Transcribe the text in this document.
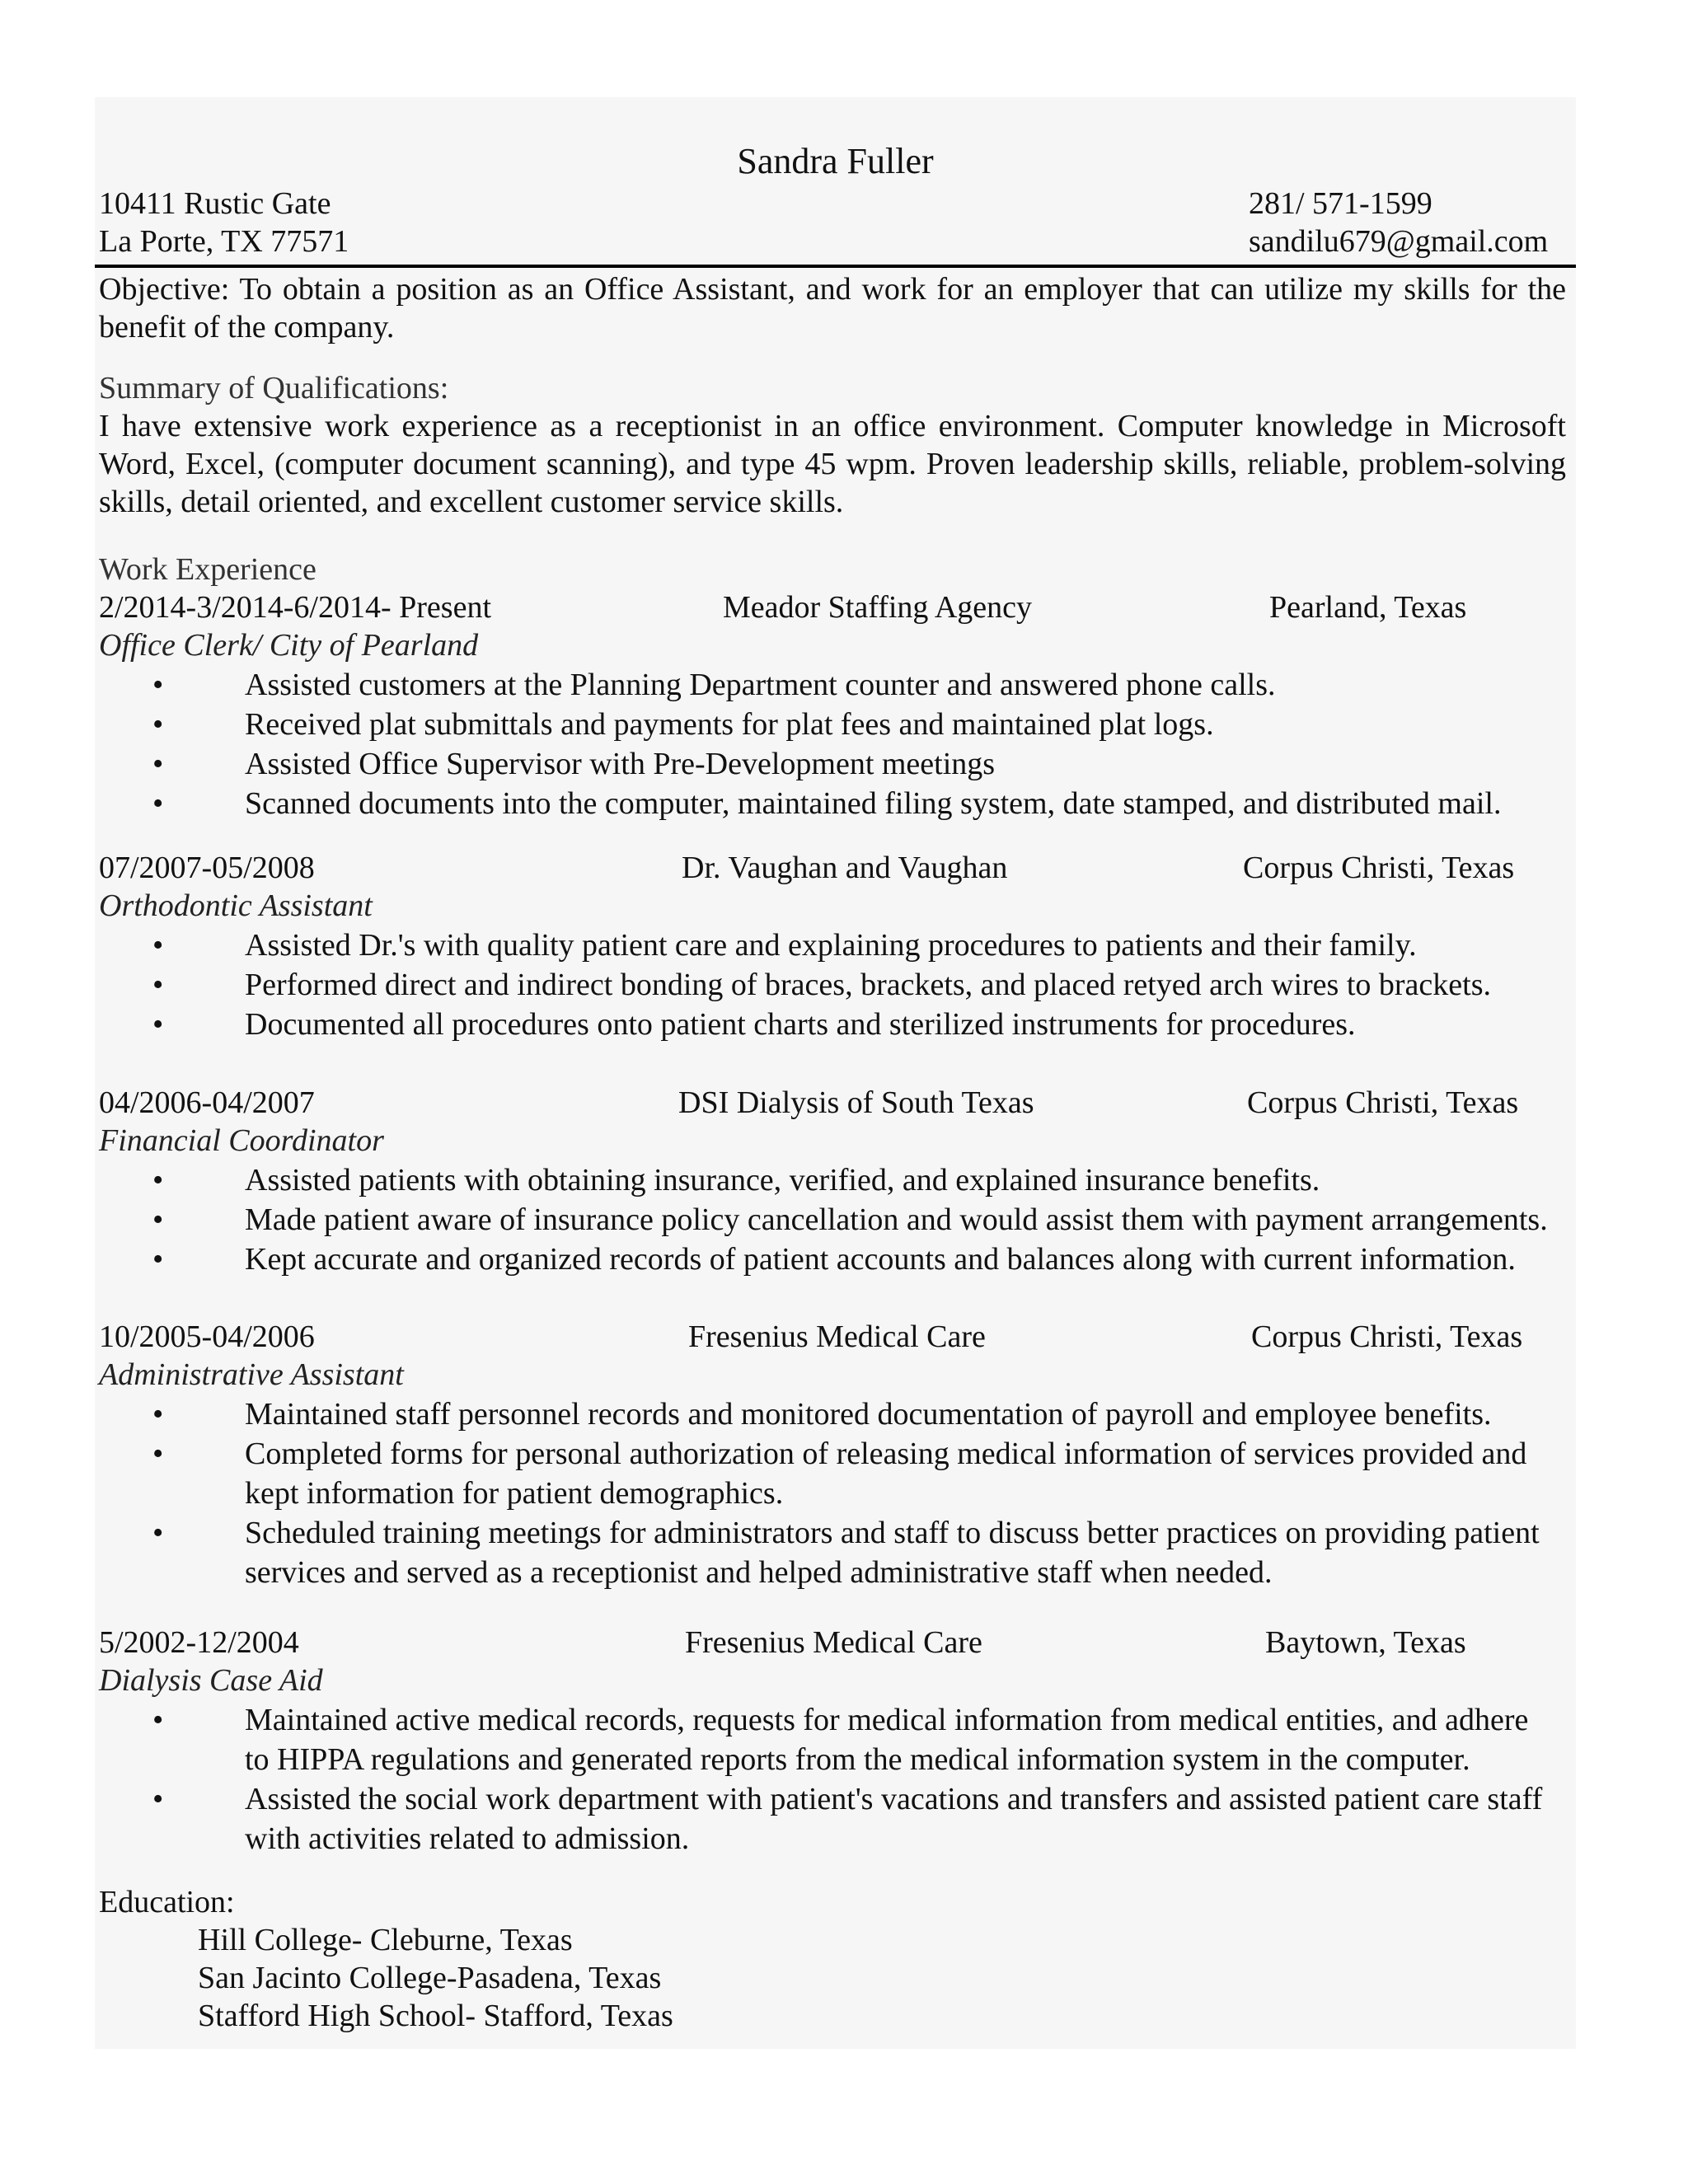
Sandra Fuller
10411 Rustic Gate
La Porte, TX 77571
281/ 571-1599
sandilu679@gmail.com
Objective: To obtain a position as an Office Assistant, and work for an employer that can utilize my skills for the benefit of the company.
Summary of Qualifications:
I have extensive work experience as a receptionist in an office environment. Computer knowledge in Microsoft Word, Excel, (computer document scanning), and type 45 wpm. Proven leadership skills, reliable, problem-solving skills, detail oriented, and excellent customer service skills.
Work Experience
2/2014-3/2014-6/2014- Present	Meador Staffing Agency	Pearland, Texas
Office Clerk/ City of Pearland
•	Assisted customers at the Planning Department counter and answered phone calls.
•	Received plat submittals and payments for plat fees and maintained plat logs.
•	Assisted Office Supervisor with Pre-Development meetings
•	Scanned documents into the computer, maintained filing system, date stamped, and distributed mail.
07/2007-05/2008	Dr. Vaughan and Vaughan	Corpus Christi, Texas
Orthodontic Assistant
•	Assisted Dr.'s with quality patient care and explaining procedures to patients and their family.
•	Performed direct and indirect bonding of braces, brackets, and placed retyed arch wires to brackets.
•	Documented all procedures onto patient charts and sterilized instruments for procedures.
04/2006-04/2007	DSI Dialysis of South Texas	Corpus Christi, Texas
Financial Coordinator
•	Assisted patients with obtaining insurance, verified, and explained insurance benefits.
•	Made patient aware of insurance policy cancellation and would assist them with payment arrangements.
•	Kept accurate and organized records of patient accounts and balances along with current information.
10/2005-04/2006	Fresenius Medical Care	Corpus Christi, Texas
Administrative Assistant
•	Maintained staff personnel records and monitored documentation of payroll and employee benefits.
•	Completed forms for personal authorization of releasing medical information of services provided and kept information for patient demographics.
•	Scheduled training meetings for administrators and staff to discuss better practices on providing patient services and served as a receptionist and helped administrative staff when needed.
5/2002-12/2004	Fresenius Medical Care	Baytown, Texas
Dialysis Case Aid
•	Maintained active medical records, requests for medical information from medical entities, and adhere to HIPPA regulations and generated reports from the medical information system in the computer.
•	Assisted the social work department with patient's vacations and transfers and assisted patient care staff with activities related to admission.
Education:
Hill College- Cleburne, Texas
San Jacinto College-Pasadena, Texas
Stafford High School- Stafford, Texas
